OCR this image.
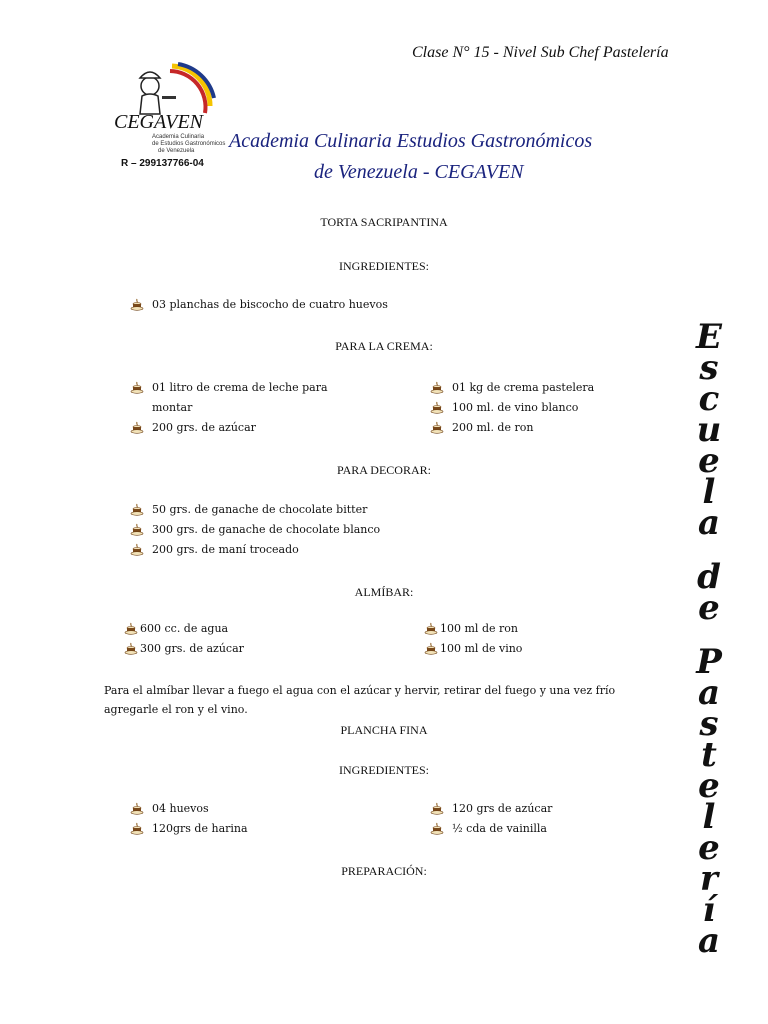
Clase N° 15 - Nivel Sub Chef Pastelería
CEGAVEN
Academia Culinaria
de Estudios Gastronómicos
de Venezuela
R – 299137766-04
Academia Culinaria Estudios Gastronómicos
de Venezuela - CEGAVEN
TORTA SACRIPANTINA
INGREDIENTES:
03 planchas de biscocho de cuatro huevos
PARA LA CREMA:
01 litro de crema de leche para
montar
200 grs. de azúcar
01 kg de crema pastelera
100 ml. de vino blanco
200 ml. de ron
PARA DECORAR:
50 grs. de ganache de chocolate bitter
300 grs. de ganache de chocolate blanco
200 grs. de maní troceado
ALMÍBAR:
600 cc. de agua
300 grs. de azúcar
100 ml de ron
100 ml de vino
Para el almíbar llevar a fuego el agua con el azúcar y hervir, retirar del fuego y una vez frío agregarle el ron y el vino.
PLANCHA FINA
INGREDIENTES:
04 huevos
120grs de harina
120 grs de azúcar
½ cda de vainilla
PREPARACIÓN:
E
s
c
u
e
l
a
d
e
P
a
s
t
e
l
e
r
í
a
